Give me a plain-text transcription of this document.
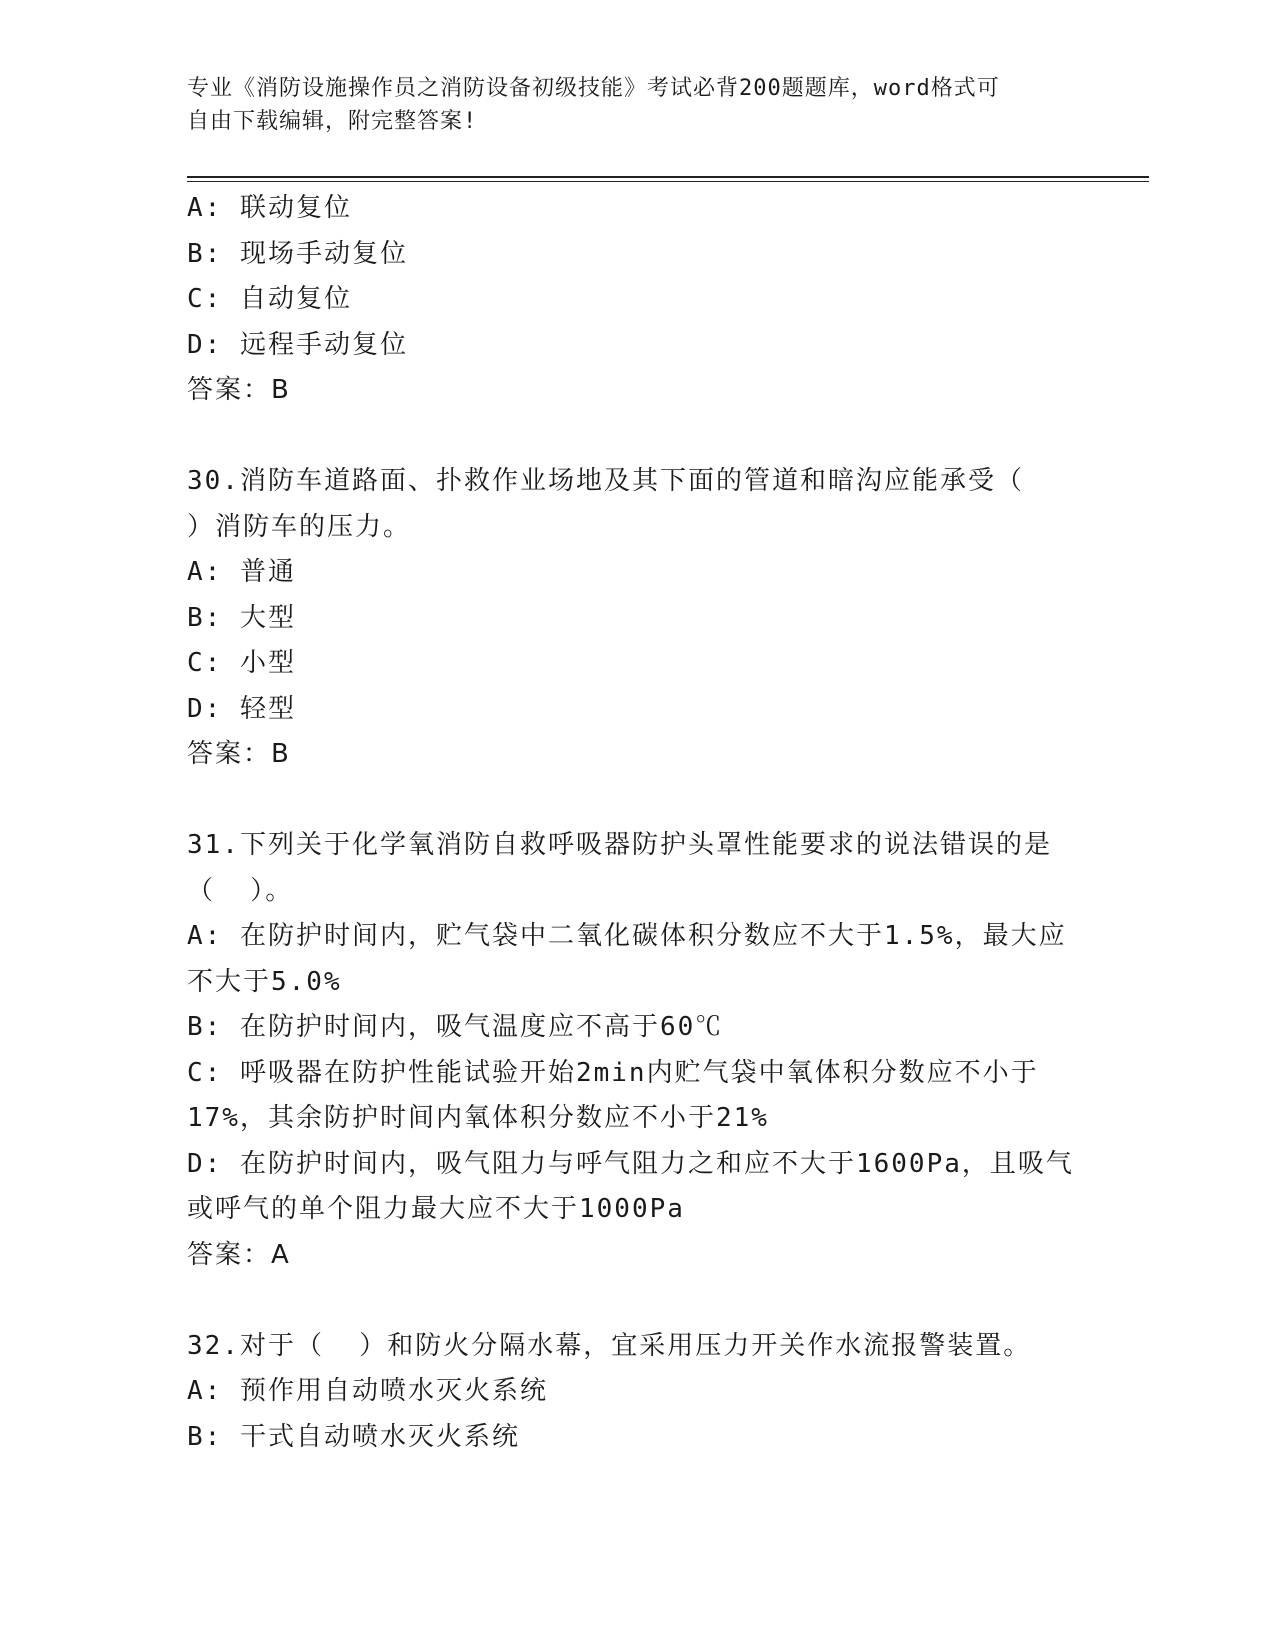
专业《消防设施操作员之消防设备初级技能》考试必背200题题库，word格式可
自由下载编辑，附完整答案!
A: 联动复位
B: 现场手动复位
C: 自动复位
D: 远程手动复位
答案：B
30.消防车道路面、扑救作业场地及其下面的管道和暗沟应能承受（
）消防车的压力。
A: 普通
B: 大型
C: 小型
D: 轻型
答案：B
31.下列关于化学氧消防自救呼吸器防护头罩性能要求的说法错误的是
（  ）。
A: 在防护时间内，贮气袋中二氧化碳体积分数应不大于1.5%，最大应
不大于5.0%
B: 在防护时间内，吸气温度应不高于60℃
C: 呼吸器在防护性能试验开始2min内贮气袋中氧体积分数应不小于
17%，其余防护时间内氧体积分数应不小于21%
D: 在防护时间内，吸气阻力与呼气阻力之和应不大于1600Pa，且吸气
或呼气的单个阻力最大应不大于1000Pa
答案：A
32.对于（  ）和防火分隔水幕，宜采用压力开关作水流报警装置。
A: 预作用自动喷水灭火系统
B: 干式自动喷水灭火系统
